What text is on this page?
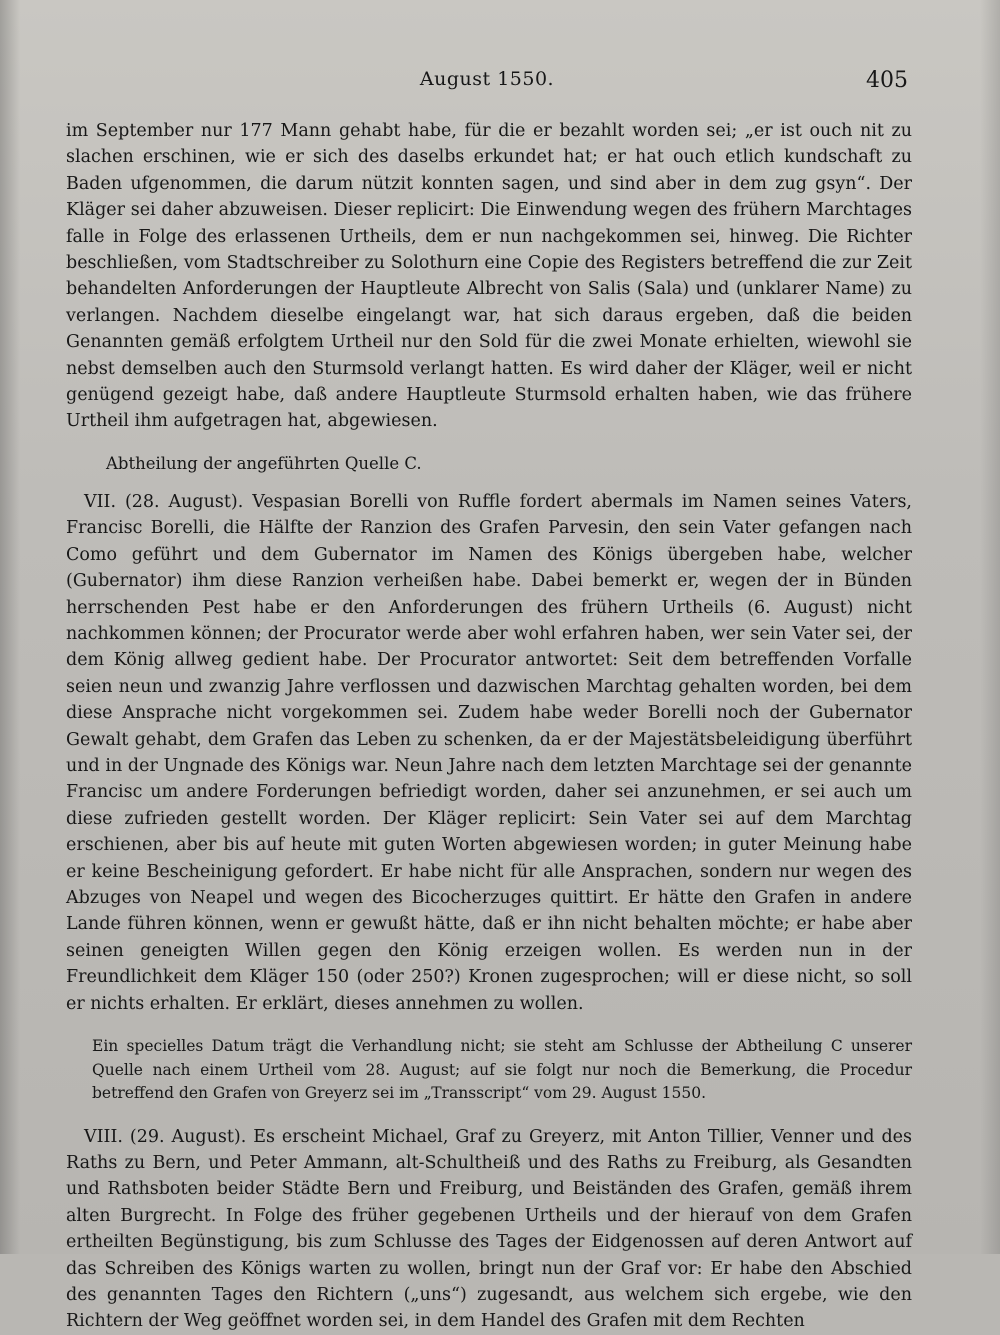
August 1550.	405

im September nur 177 Mann gehabt habe, für die er bezahlt worden sei; „er ist ouch nit zu slachen erschinen, wie er sich des daselbs erkundet hat; er hat ouch etlich kundschaft zu Baden ufgenommen, die darum nützit konnten sagen, und sind aber in dem zug gsyn“. Der Kläger sei daher abzuweisen. Dieser replicirt: Die Einwendung wegen des frühern Marchtages falle in Folge des erlassenen Urtheils, dem er nun nachgekommen sei, hinweg. Die Richter beschließen, vom Stadtschreiber zu Solothurn eine Copie des Registers betreffend die zur Zeit behandelten Anforderungen der Hauptleute Albrecht von Salis (Sala) und (unklarer Name) zu verlangen. Nachdem dieselbe eingelangt war, hat sich daraus ergeben, daß die beiden Genannten gemäß erfolgtem Urtheil nur den Sold für die zwei Monate erhielten, wiewohl sie nebst demselben auch den Sturmsold verlangt hatten. Es wird daher der Kläger, weil er nicht genügend gezeigt habe, daß andere Hauptleute Sturmsold erhalten haben, wie das frühere Urtheil ihm aufgetragen hat, abgewiesen.

Abtheilung der angeführten Quelle C.

VII. (28. August). Vespasian Borelli von Ruffle fordert abermals im Namen seines Vaters, Francisc Borelli, die Hälfte der Ranzion des Grafen Parvesin, den sein Vater gefangen nach Como geführt und dem Gubernator im Namen des Königs übergeben habe, welcher (Gubernator) ihm diese Ranzion verheißen habe. Dabei bemerkt er, wegen der in Bünden herrschenden Pest habe er den Anforderungen des frühern Urtheils (6. August) nicht nachkommen können; der Procurator werde aber wohl erfahren haben, wer sein Vater sei, der dem König allweg gedient habe. Der Procurator antwortet: Seit dem betreffenden Vorfalle seien neun und zwanzig Jahre verflossen und dazwischen Marchtag gehalten worden, bei dem diese Ansprache nicht vorgekommen sei. Zudem habe weder Borelli noch der Gubernator Gewalt gehabt, dem Grafen das Leben zu schenken, da er der Majestätsbeleidigung überführt und in der Ungnade des Königs war. Neun Jahre nach dem letzten Marchtage sei der genannte Francisc um andere Forderungen befriedigt worden, daher sei anzunehmen, er sei auch um diese zufrieden gestellt worden. Der Kläger replicirt: Sein Vater sei auf dem Marchtag erschienen, aber bis auf heute mit guten Worten abgewiesen worden; in guter Meinung habe er keine Bescheinigung gefordert. Er habe nicht für alle Ansprachen, sondern nur wegen des Abzuges von Neapel und wegen des Bicocherzuges quittirt. Er hätte den Grafen in andere Lande führen können, wenn er gewußt hätte, daß er ihn nicht behalten möchte; er habe aber seinen geneigten Willen gegen den König erzeigen wollen. Es werden nun in der Freundlichkeit dem Kläger 150 (oder 250?) Kronen zugesprochen; will er diese nicht, so soll er nichts erhalten. Er erklärt, dieses annehmen zu wollen.

Ein specielles Datum trägt die Verhandlung nicht; sie steht am Schlusse der Abtheilung C unserer Quelle nach einem Urtheil vom 28. August; auf sie folgt nur noch die Bemerkung, die Procedur betreffend den Grafen von Greyerz sei im „Transscript“ vom 29. August 1550.

VIII. (29. August). Es erscheint Michael, Graf zu Greyerz, mit Anton Tillier, Venner und des Raths zu Bern, und Peter Ammann, alt-Schultheiß und des Raths zu Freiburg, als Gesandten und Rathsboten beider Städte Bern und Freiburg, und Beiständen des Grafen, gemäß ihrem alten Burgrecht. In Folge des früher gegebenen Urtheils und der hierauf von dem Grafen ertheilten Begünstigung, bis zum Schlusse des Tages der Eidgenossen auf deren Antwort auf das Schreiben des Königs warten zu wollen, bringt nun der Graf vor: Er habe den Abschied des genannten Tages den Richtern („uns“) zugesandt, aus welchem sich ergebe, wie den Richtern der Weg geöffnet worden sei, in dem Handel des Grafen mit dem Rechten
